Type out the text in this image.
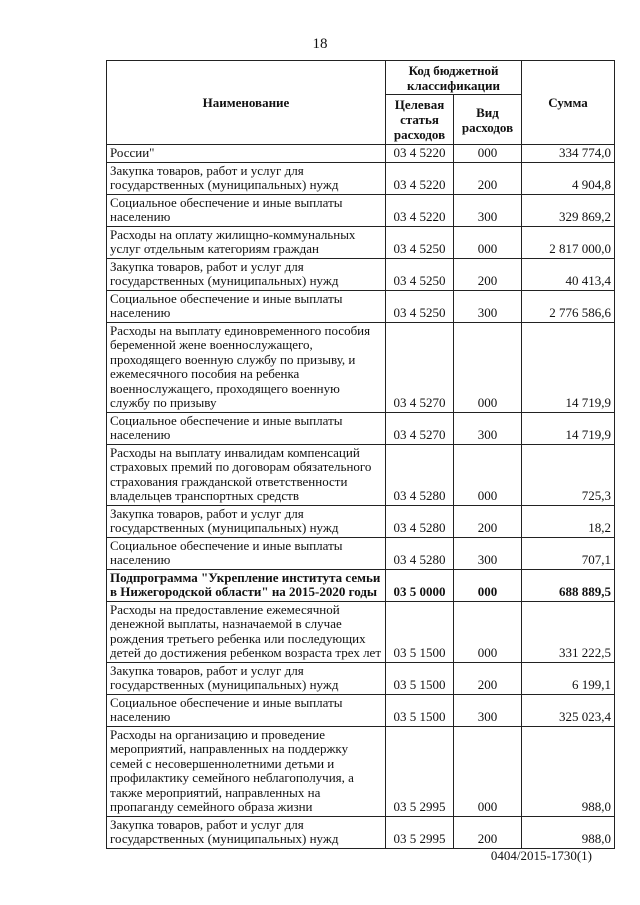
18
Наименование	Код бюджетной классификации		Сумма
	Целевая статья расходов	Вид расходов	
России"	03 4 5220	000	334 774,0
Закупка товаров, работ и услуг для государственных (муниципальных) нужд	03 4 5220	200	4 904,8
Социальное обеспечение и иные выплаты населению	03 4 5220	300	329 869,2
Расходы на оплату жилищно-коммунальных услуг отдельным категориям граждан	03 4 5250	000	2 817 000,0
Закупка товаров, работ и услуг для государственных (муниципальных) нужд	03 4 5250	200	40 413,4
Социальное обеспечение и иные выплаты населению	03 4 5250	300	2 776 586,6
Расходы на выплату единовременного пособия беременной жене военнослужащего, проходящего военную службу по призыву, и ежемесячного пособия на ребенка военнослужащего, проходящего военную службу по призыву	03 4 5270	000	14 719,9
Социальное обеспечение и иные выплаты населению	03 4 5270	300	14 719,9
Расходы на выплату инвалидам компенсаций страховых премий по договорам обязательного страхования гражданской ответственности владельцев транспортных средств	03 4 5280	000	725,3
Закупка товаров, работ и услуг для государственных (муниципальных) нужд	03 4 5280	200	18,2
Социальное обеспечение и иные выплаты населению	03 4 5280	300	707,1
Подпрограмма "Укрепление института семьи в Нижегородской области" на 2015-2020 годы	03 5 0000	000	688 889,5
Расходы на предоставление ежемесячной денежной выплаты, назначаемой в случае рождения третьего ребенка или последующих детей до достижения ребенком возраста трех лет	03 5 1500	000	331 222,5
Закупка товаров, работ и услуг для государственных (муниципальных) нужд	03 5 1500	200	6 199,1
Социальное обеспечение и иные выплаты населению	03 5 1500	300	325 023,4
Расходы на организацию и проведение мероприятий, направленных на поддержку семей с несовершеннолетними детьми и профилактику семейного неблагополучия, а также мероприятий, направленных на пропаганду семейного образа жизни	03 5 2995	000	988,0
Закупка товаров, работ и услуг для государственных (муниципальных) нужд	03 5 2995	200	988,0
0404/2015-1730(1)
